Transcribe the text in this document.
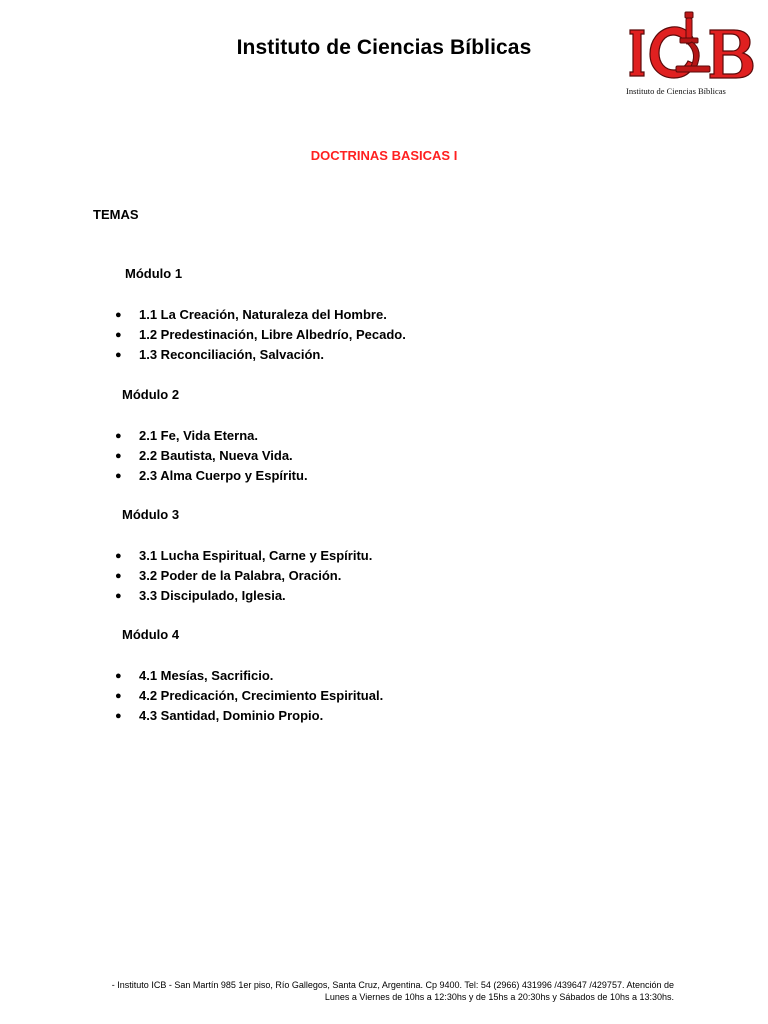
Instituto de Ciencias Bíblicas
Instituto de Ciencias Bíblicas
DOCTRINAS BASICAS I
TEMAS
Módulo 1
● 1.1 La Creación, Naturaleza del Hombre.
● 1.2 Predestinación, Libre Albedrío, Pecado.
● 1.3 Reconciliación, Salvación.
Módulo 2
● 2.1 Fe, Vida Eterna.
● 2.2 Bautista, Nueva Vida.
● 2.3 Alma Cuerpo y Espíritu.
Módulo 3
● 3.1 Lucha Espiritual, Carne y Espíritu.
● 3.2 Poder de la Palabra, Oración.
● 3.3 Discipulado, Iglesia.
Módulo 4
● 4.1 Mesías, Sacrificio.
● 4.2 Predicación, Crecimiento Espiritual.
● 4.3 Santidad, Dominio Propio.
- Instituto ICB - San Martín 985 1er piso, Río Gallegos, Santa Cruz, Argentina. Cp 9400. Tel: 54 (2966) 431996 /439647 /429757. Atención de
Lunes a Viernes de 10hs a 12:30hs y de 15hs a 20:30hs y Sábados de 10hs a 13:30hs.
